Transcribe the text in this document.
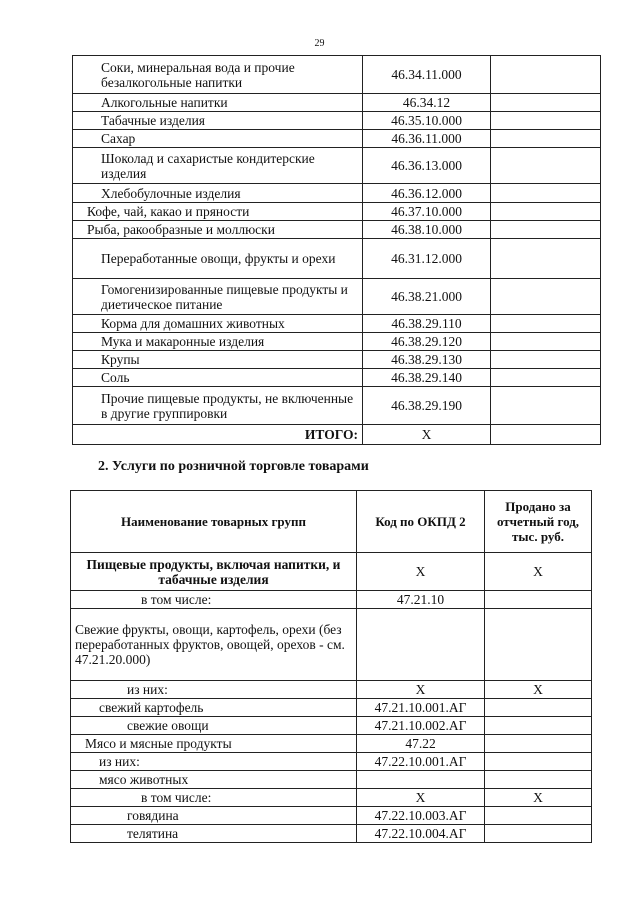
29
Соки, минеральная вода и прочие безалкогольные напитки	46.34.11.000	
Алкогольные напитки	46.34.12	
Табачные изделия	46.35.10.000	
Сахар	46.36.11.000	
Шоколад и сахаристые кондитерские изделия	46.36.13.000	
Хлебобулочные изделия	46.36.12.000	
Кофе, чай, какао и пряности	46.37.10.000	
Рыба, ракообразные и моллюски	46.38.10.000	
Переработанные овощи, фрукты и орехи	46.31.12.000	
Гомогенизированные пищевые продукты и диетическое питание	46.38.21.000	
Корма для домашних животных	46.38.29.110	
Мука и макаронные изделия	46.38.29.120	
Крупы	46.38.29.130	
Соль	46.38.29.140	
Прочие пищевые продукты, не включенные в другие группировки	46.38.29.190	
ИТОГО:	X	
2. Услуги по розничной торговле товарами
Наименование товарных групп	Код по ОКПД 2	Продано за отчетный год, тыс. руб.
Пищевые продукты, включая напитки, и табачные изделия	X	X
в том числе:	47.21.10	
Свежие фрукты, овощи, картофель, орехи (без переработанных фруктов, овощей, орехов - см. 47.21.20.000)		
из них:	X	X
свежий картофель	47.21.10.001.АГ	
свежие овощи	47.21.10.002.АГ	
Мясо и мясные продукты	47.22	
из них:	47.22.10.001.АГ	
мясо животных		
в том числе:	X	X
говядина	47.22.10.003.АГ	
телятина	47.22.10.004.АГ	
